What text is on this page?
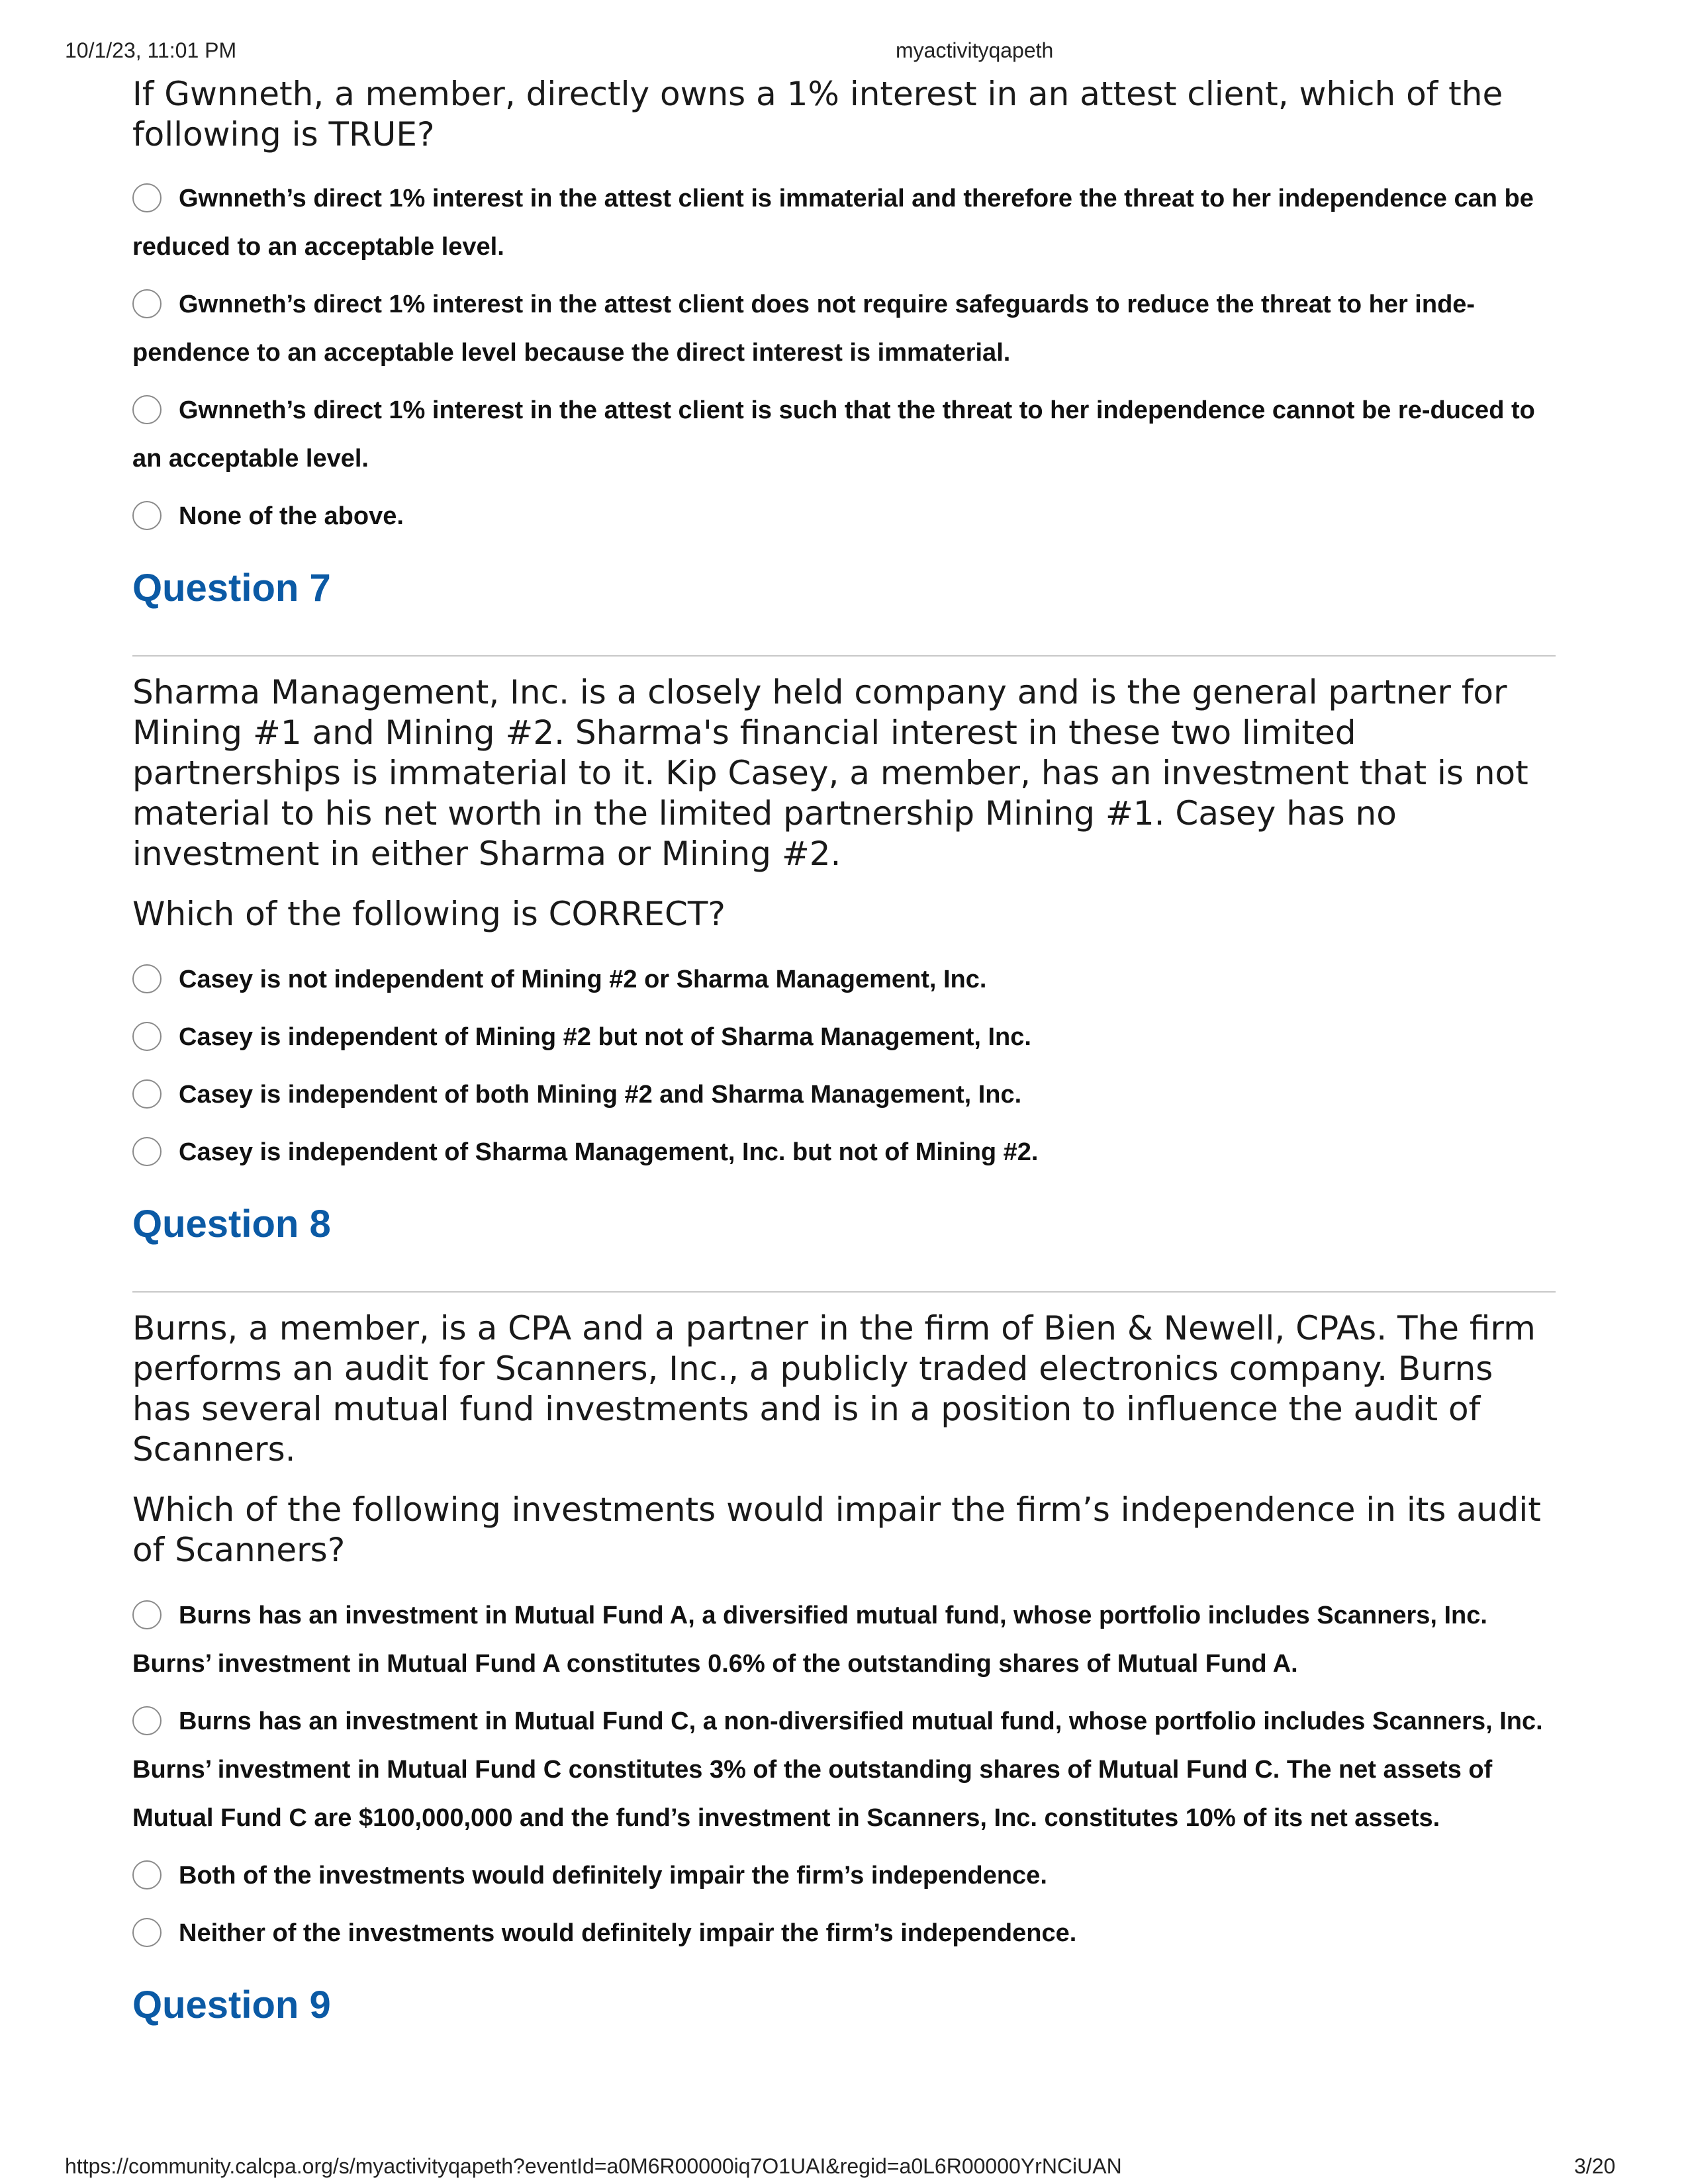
10/1/23, 11:01 PM	myactivityqapeth
If Gwnneth, a member, directly owns a 1% interest in an attest client, which of the following is TRUE?
Gwnneth’s direct 1% interest in the attest client is immaterial and therefore the threat to her independence can be reduced to an acceptable level.
Gwnneth’s direct 1% interest in the attest client does not require safeguards to reduce the threat to her inde-pendence to an acceptable level because the direct interest is immaterial.
Gwnneth’s direct 1% interest in the attest client is such that the threat to her independence cannot be re-duced to an acceptable level.
None of the above.
Question 7
Sharma Management, Inc. is a closely held company and is the general partner for Mining #1 and Mining #2. Sharma's financial interest in these two limited partnerships is immaterial to it. Kip Casey, a member, has an investment that is not material to his net worth in the limited partnership Mining #1. Casey has no investment in either Sharma or Mining #2.
Which of the following is CORRECT?
Casey is not independent of Mining #2 or Sharma Management, Inc.
Casey is independent of Mining #2 but not of Sharma Management, Inc.
Casey is independent of both Mining #2 and Sharma Management, Inc.
Casey is independent of Sharma Management, Inc. but not of Mining #2.
Question 8
Burns, a member, is a CPA and a partner in the firm of Bien & Newell, CPAs. The firm performs an audit for Scanners, Inc., a publicly traded electronics company. Burns has several mutual fund investments and is in a position to influence the audit of Scanners.
Which of the following investments would impair the firm’s independence in its audit of Scanners?
Burns has an investment in Mutual Fund A, a diversified mutual fund, whose portfolio includes Scanners, Inc. Burns’ investment in Mutual Fund A constitutes 0.6% of the outstanding shares of Mutual Fund A.
Burns has an investment in Mutual Fund C, a non-diversified mutual fund, whose portfolio includes Scanners, Inc. Burns’ investment in Mutual Fund C constitutes 3% of the outstanding shares of Mutual Fund C. The net assets of Mutual Fund C are $100,000,000 and the fund’s investment in Scanners, Inc. constitutes 10% of its net assets.
Both of the investments would definitely impair the firm’s independence.
Neither of the investments would definitely impair the firm’s independence.
Question 9
https://community.calcpa.org/s/myactivityqapeth?eventId=a0M6R00000iq7O1UAI&regid=a0L6R00000YrNCiUAN	3/20
